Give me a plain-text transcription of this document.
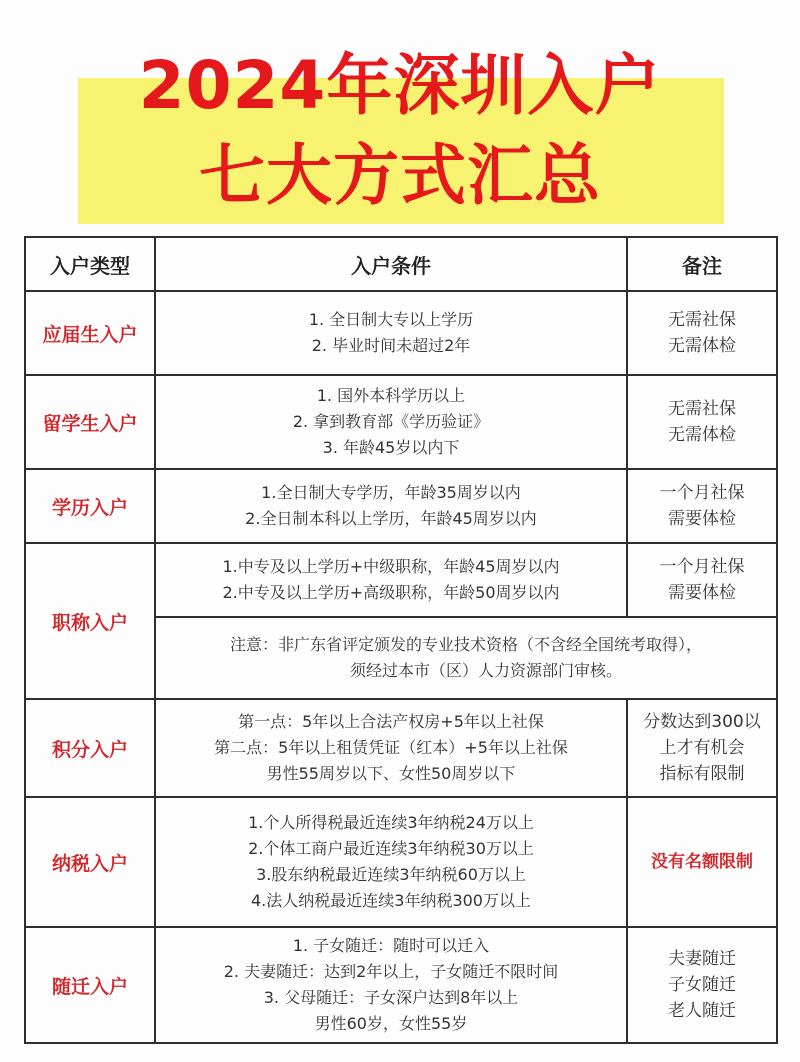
2024年深圳入户
七大方式汇总
入户类型	入户条件	备注
应届生入户	1. 全日制大专以上学历
2. 毕业时间未超过2年	无需社保
无需体检

留学生入户	1. 国外本科学历以上
2. 拿到教育部《学历验证》
3. 年龄45岁以内下	无需社保
无需体检

学历入户	1.全日制大专学历，年龄35周岁以内
2.全日制本科以上学历，年龄45周岁以内	一个月社保
需要体检

职称入户	1.中专及以上学历+中级职称，年龄45周岁以内
2.中专及以上学历+高级职称，年龄50周岁以内	一个月社保
需要体检

	注意：非广东省评定颁发的专业技术资格（不含经全国统考取得），
须经过本市（区）人力资源部门审核。	

积分入户	第一点：5年以上合法产权房+5年以上社保
第二点：5年以上租赁凭证（红本）+5年以上社保
男性55周岁以下、女性50周岁以下	分数达到300以
上才有机会
指标有限制

纳税入户	1.个人所得税最近连续3年纳税24万以上
2.个体工商户最近连续3年纳税30万以上
3.股东纳税最近连续3年纳税60万以上
4.法人纳税最近连续3年纳税300万以上	没有名额限制

随迁入户	1. 子女随迁：随时可以迁入
2. 夫妻随迁：达到2年以上，子女随迁不限时间
3. 父母随迁：子女深户达到8年以上
男性60岁，女性55岁	夫妻随迁
子女随迁
老人随迁
